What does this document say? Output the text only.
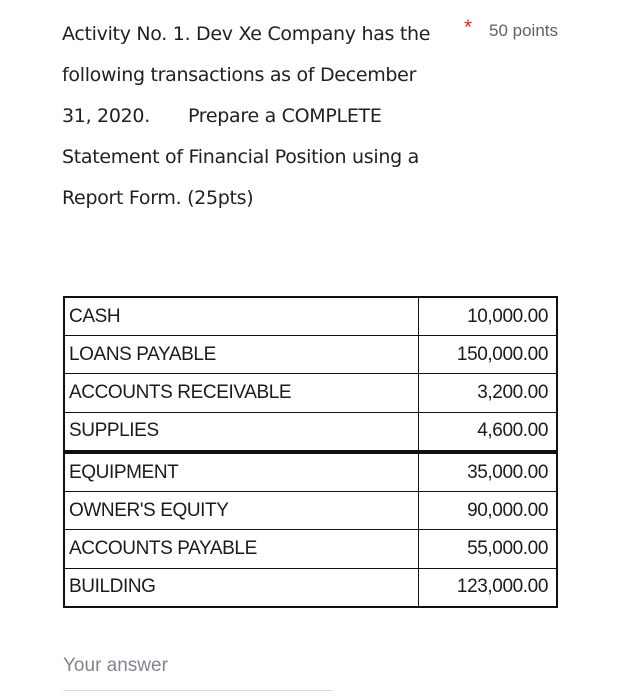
Activity No. 1. Dev Xe Company has the
following transactions as of December
31, 2020. Prepare a COMPLETE
Statement of Financial Position using a
Report Form. (25pts)
* 50 points
CASH	10,000.00
LOANS PAYABLE	150,000.00
ACCOUNTS RECEIVABLE	3,200.00
SUPPLIES	4,600.00
EQUIPMENT	35,000.00
OWNER'S EQUITY	90,000.00
ACCOUNTS PAYABLE	55,000.00
BUILDING	123,000.00
Your answer
